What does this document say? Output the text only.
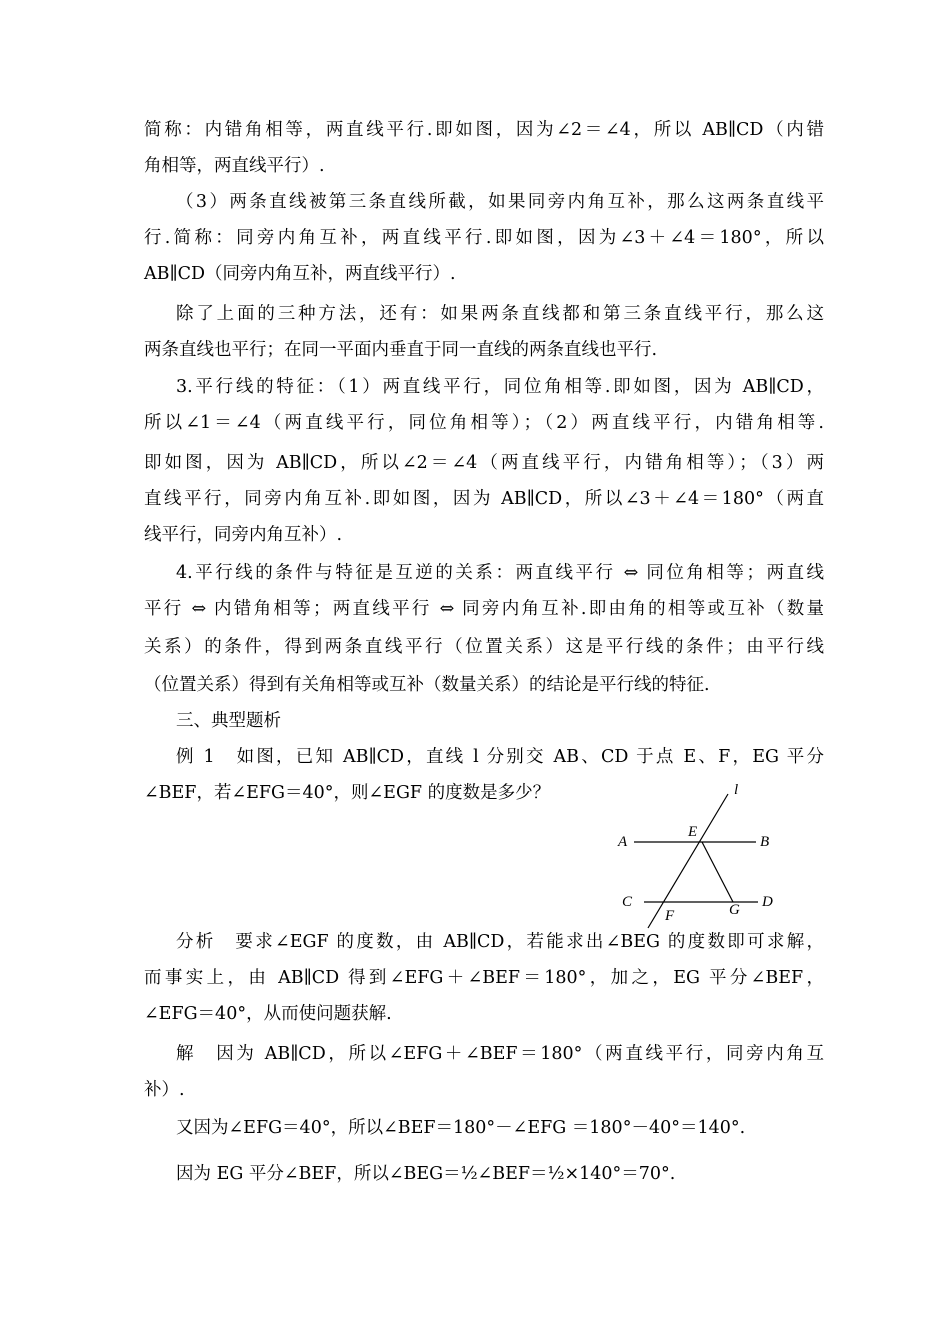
简称：内错角相等，两直线平行.即如图，因为∠2＝∠4，所以 AB∥CD（内错
角相等，两直线平行）.
（3）两条直线被第三条直线所截，如果同旁内角互补，那么这两条直线平
行.简称：同旁内角互补，两直线平行.即如图，因为∠3＋∠4＝180°，所以
AB∥CD（同旁内角互补，两直线平行）.
除了上面的三种方法，还有：如果两条直线都和第三条直线平行，那么这
两条直线也平行；在同一平面内垂直于同一直线的两条直线也平行.
3.平行线的特征：（1）两直线平行，同位角相等.即如图，因为 AB∥CD，
所以∠1＝∠4（两直线平行，同位角相等）；（2）两直线平行，内错角相等.
即如图，因为 AB∥CD，所以∠2＝∠4（两直线平行，内错角相等）；（3）两
直线平行，同旁内角互补.即如图，因为 AB∥CD，所以∠3＋∠4＝180°（两直
线平行，同旁内角互补）.
4.平行线的条件与特征是互逆的关系：两直线平行 ⇔ 同位角相等；两直线
平行 ⇔ 内错角相等；两直线平行 ⇔ 同旁内角互补.即由角的相等或互补（数量
关系）的条件，得到两条直线平行（位置关系）这是平行线的条件；由平行线
（位置关系）得到有关角相等或互补（数量关系）的结论是平行线的特征.
三、典型题析
例 1　如图，已知 AB∥CD，直线 l 分别交 AB、CD 于点 E、F，EG 平分
∠BEF，若∠EFG＝40°，则∠EGF 的度数是多少？	l
A
E
B
C	G D
F
分析　要求∠EGF 的度数，由 AB∥CD，若能求出∠BEG 的度数即可求解，
而事实上，由 AB∥CD 得到∠EFG＋∠BEF＝180°，加之，EG 平分∠BEF，
∠EFG＝40°，从而使问题获解.
解　因为 AB∥CD，所以∠EFG＋∠BEF＝180°（两直线平行，同旁内角互
补）.
又因为∠EFG＝40°，所以∠BEF＝180°－∠EFG ＝180°－40°＝140°.
因为 EG 平分∠BEF，所以∠BEG＝½∠BEF＝½×140°＝70°.
